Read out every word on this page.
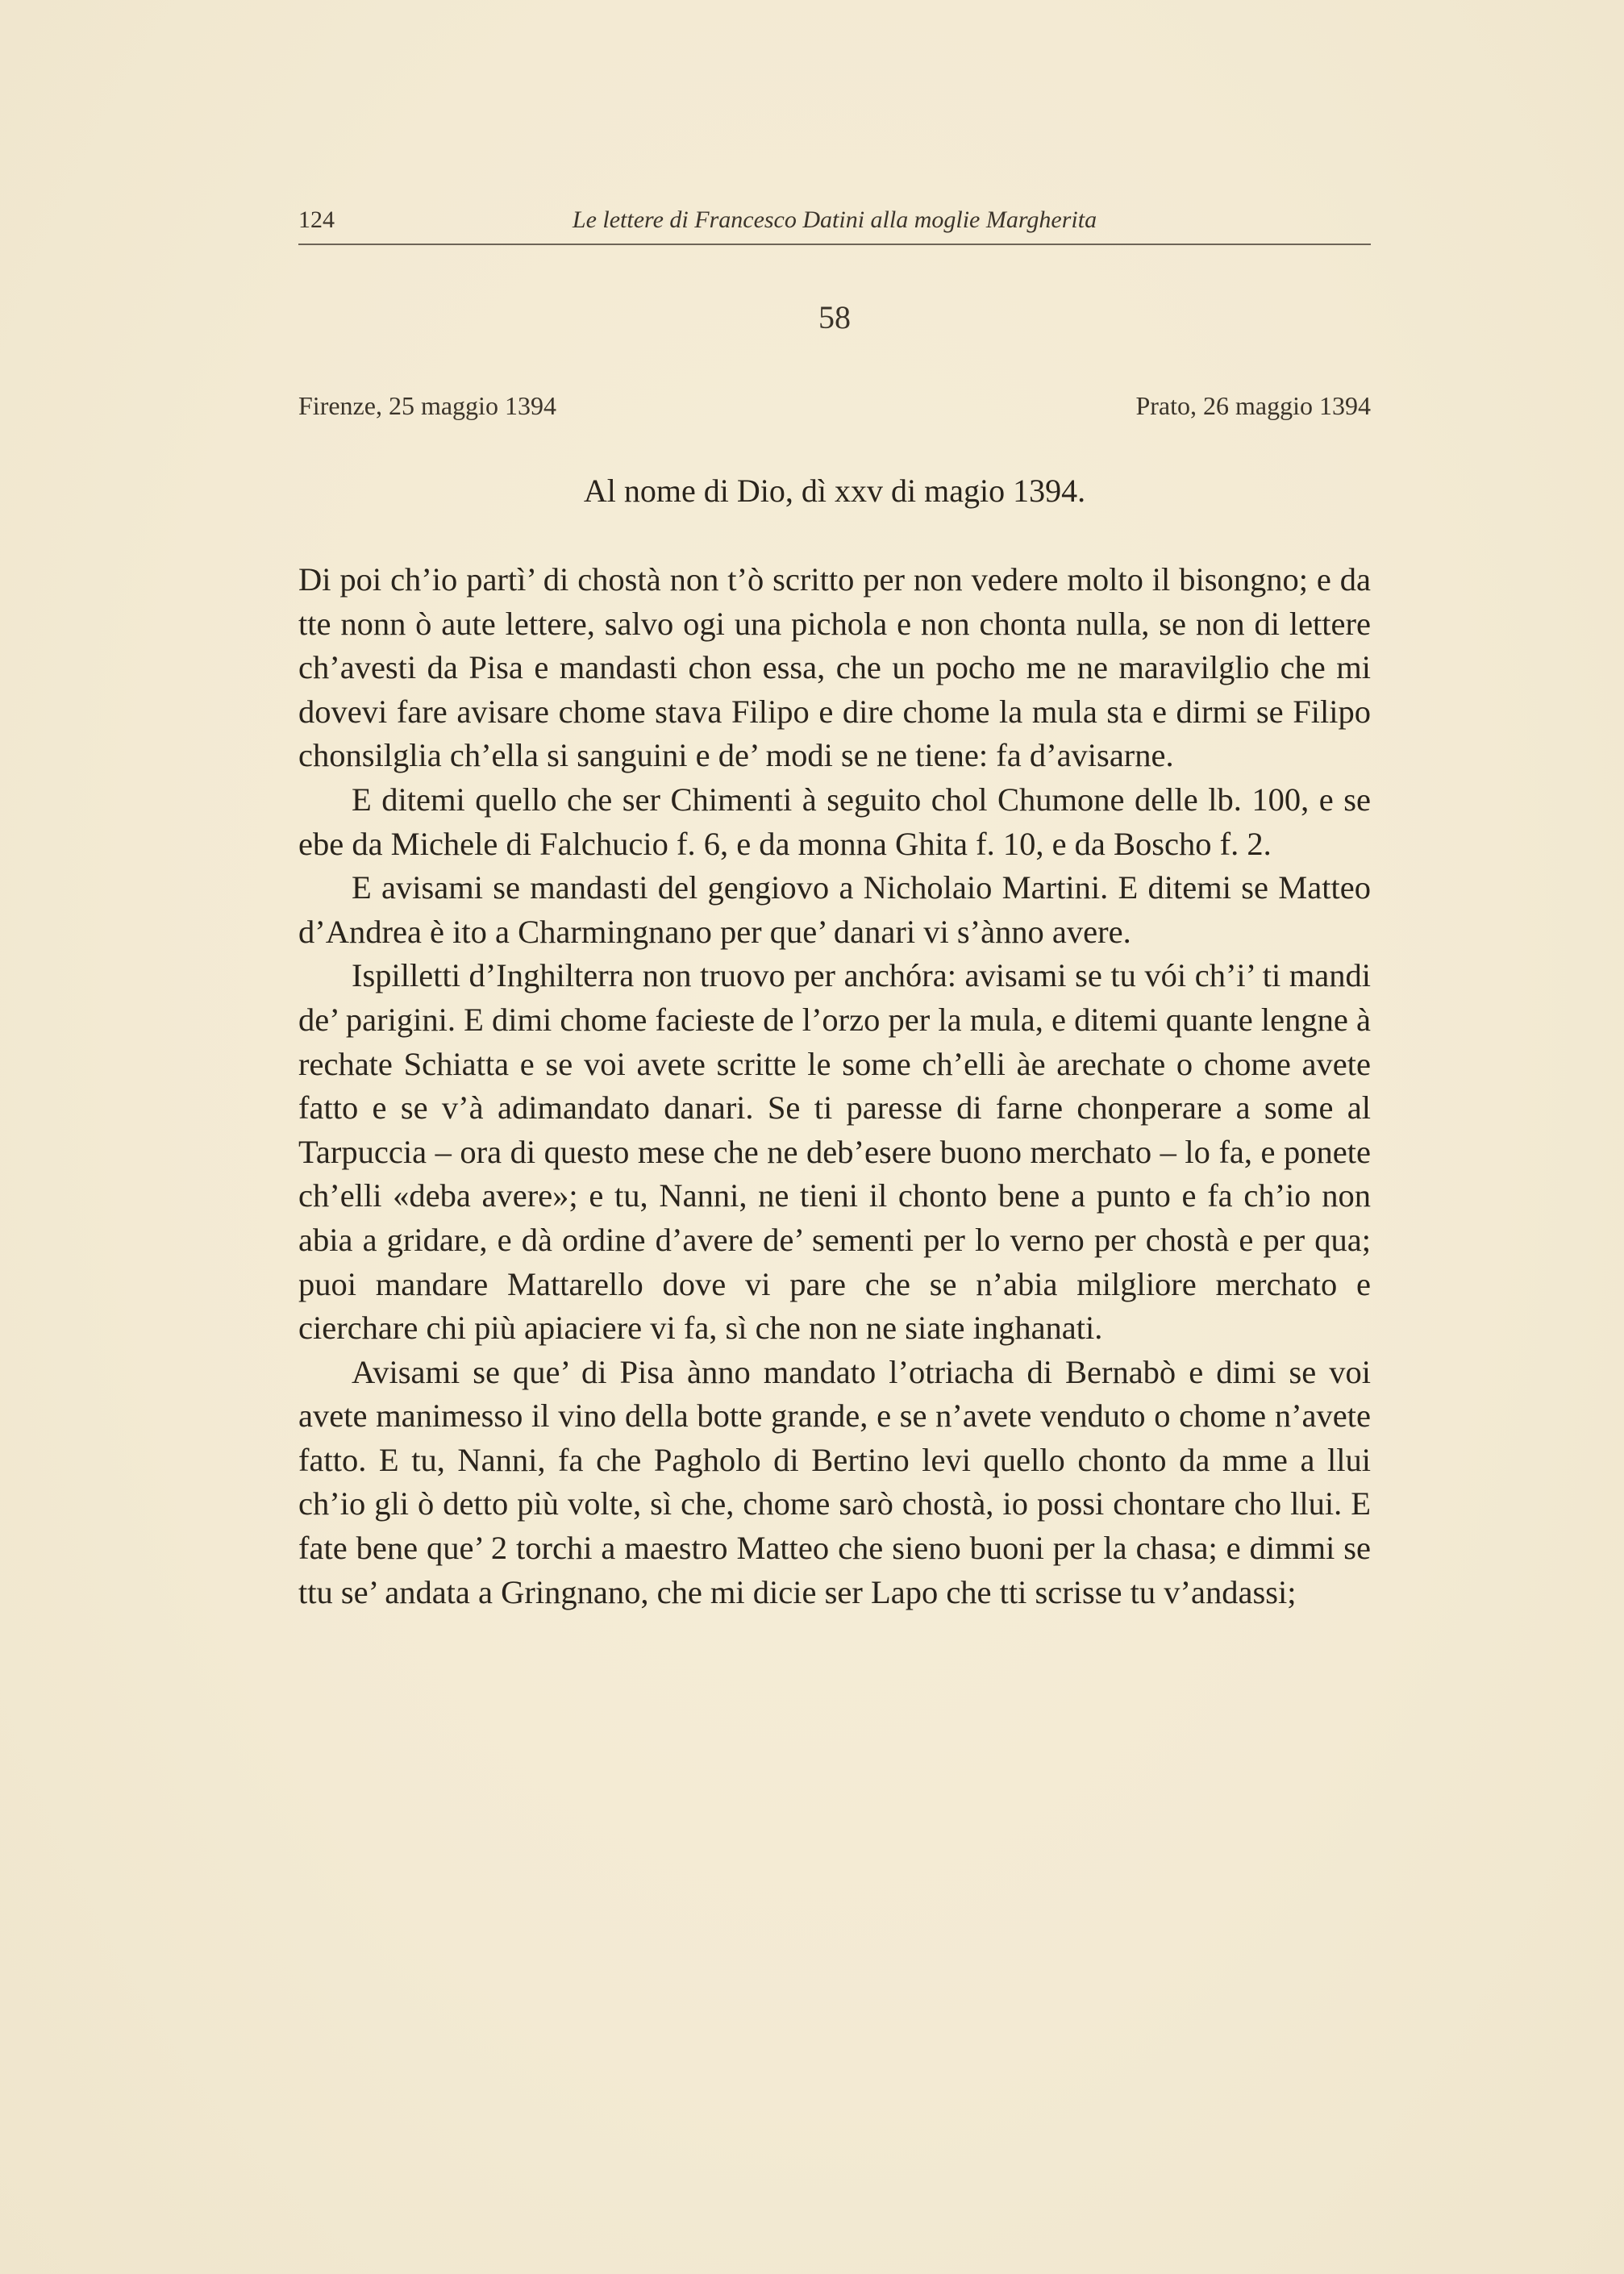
124	Le lettere di Francesco Datini alla moglie Margherita
58
Firenze, 25 maggio 1394	Prato, 26 maggio 1394
Al nome di Dio, dì xxv di magio 1394.

Di poi ch’io partì’ di chostà non t’ò scritto per non vedere molto il bisongno; e da tte nonn ò aute lettere, salvo ogi una pichola e non chonta nulla, se non di lettere ch’avesti da Pisa e mandasti chon essa, che un pocho me ne maravilglio che mi dovevi fare avisare chome stava Filipo e dire chome la mula sta e dirmi se Filipo chonsilglia ch’ella si sanguini e de’ modi se ne tiene: fa d’avisarne.

E ditemi quello che ser Chimenti à seguito chol Chumone delle lb. 100, e se ebe da Michele di Falchucio f. 6, e da monna Ghita f. 10, e da Boscho f. 2.

E avisami se mandasti del gengiovo a Nicholaio Martini. E ditemi se Matteo d’Andrea è ito a Charmingnano per que’ danari vi s’ànno avere.

Ispilletti d’Inghilterra non truovo per anchóra: avisami se tu vói ch’i’ ti mandi de’ parigini. E dimi chome facieste de l’orzo per la mula, e ditemi quante lengne à rechate Schiatta e se voi avete scritte le some ch’elli àe arechate o chome avete fatto e se v’à adimandato danari. Se ti paresse di farne chonperare a some al Tarpuccia – ora di questo mese che ne deb’esere buono merchato – lo fa, e ponete ch’elli «deba avere»; e tu, Nanni, ne tieni il chonto bene a punto e fa ch’io non abia a gridare, e dà ordine d’avere de’ sementi per lo verno per chostà e per qua; puoi mandare Mattarello dove vi pare che se n’abia milgliore merchato e cierchare chi più apiaciere vi fa, sì che non ne siate inghanati.

Avisami se que’ di Pisa ànno mandato l’otriacha di Bernabò e dimi se voi avete manimesso il vino della botte grande, e se n’avete venduto o chome n’avete fatto. E tu, Nanni, fa che Pagholo di Bertino levi quello chonto da mme a llui ch’io gli ò detto più volte, sì che, chome sarò chostà, io possi chontare cho llui. E fate bene que’ 2 torchi a maestro Matteo che sieno buoni per la chasa; e dimmi se ttu se’ andata a Gringnano, che mi dicie ser Lapo che tti scrisse tu v’andassi;
